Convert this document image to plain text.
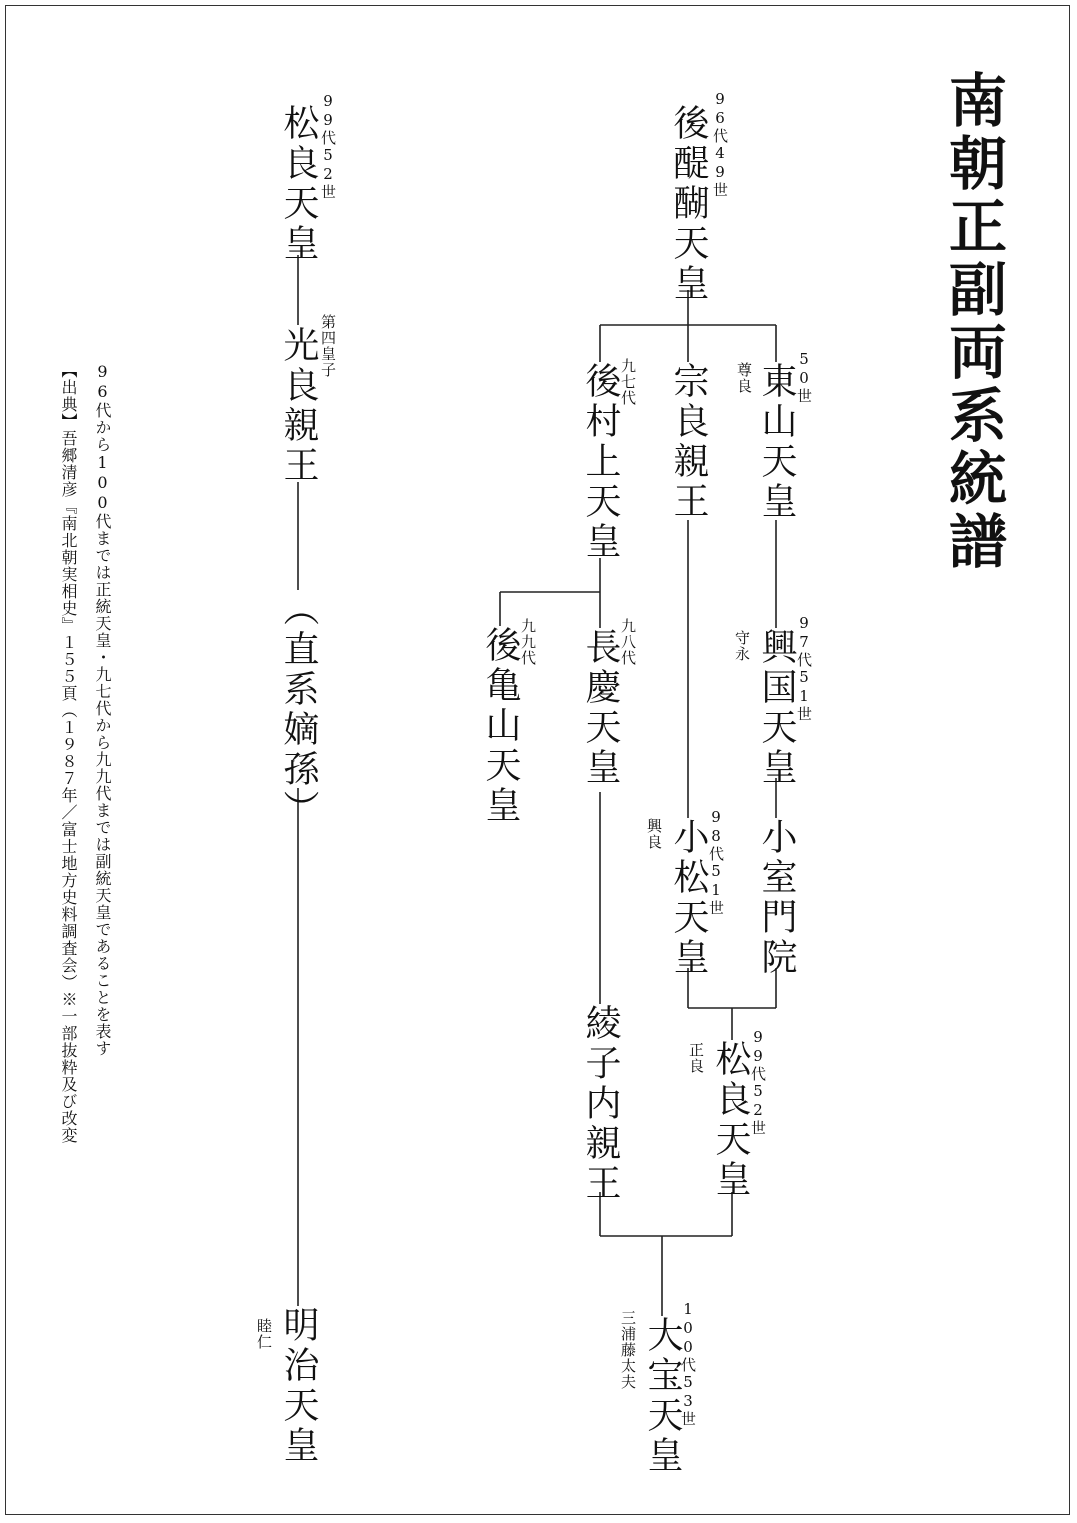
南朝正副両系統譜
後醍醐天皇 96代49世
東山天皇
50世
尊良
宗良親王
後村上天皇
九七代
興国天皇
97代51世
守永
長慶天皇
九八代
後亀山天皇
九九代
小室門院
小松天皇
98代51世
興良
綾子内親王 松良天皇
99代52世
正良
大宝天皇
100代53世
三浦藤太夫
松良天皇 99代52世
光良親王 第四皇子
（直系嫡孫）
明治天皇
睦仁
96代から100代までは正統天皇・九七代から九九代までは副統天皇であることを表す
【出典】吾郷清彦『南北朝実相史』１５５頁（１９８７年／富士地方史料調査会）※一部抜粋及び改変
